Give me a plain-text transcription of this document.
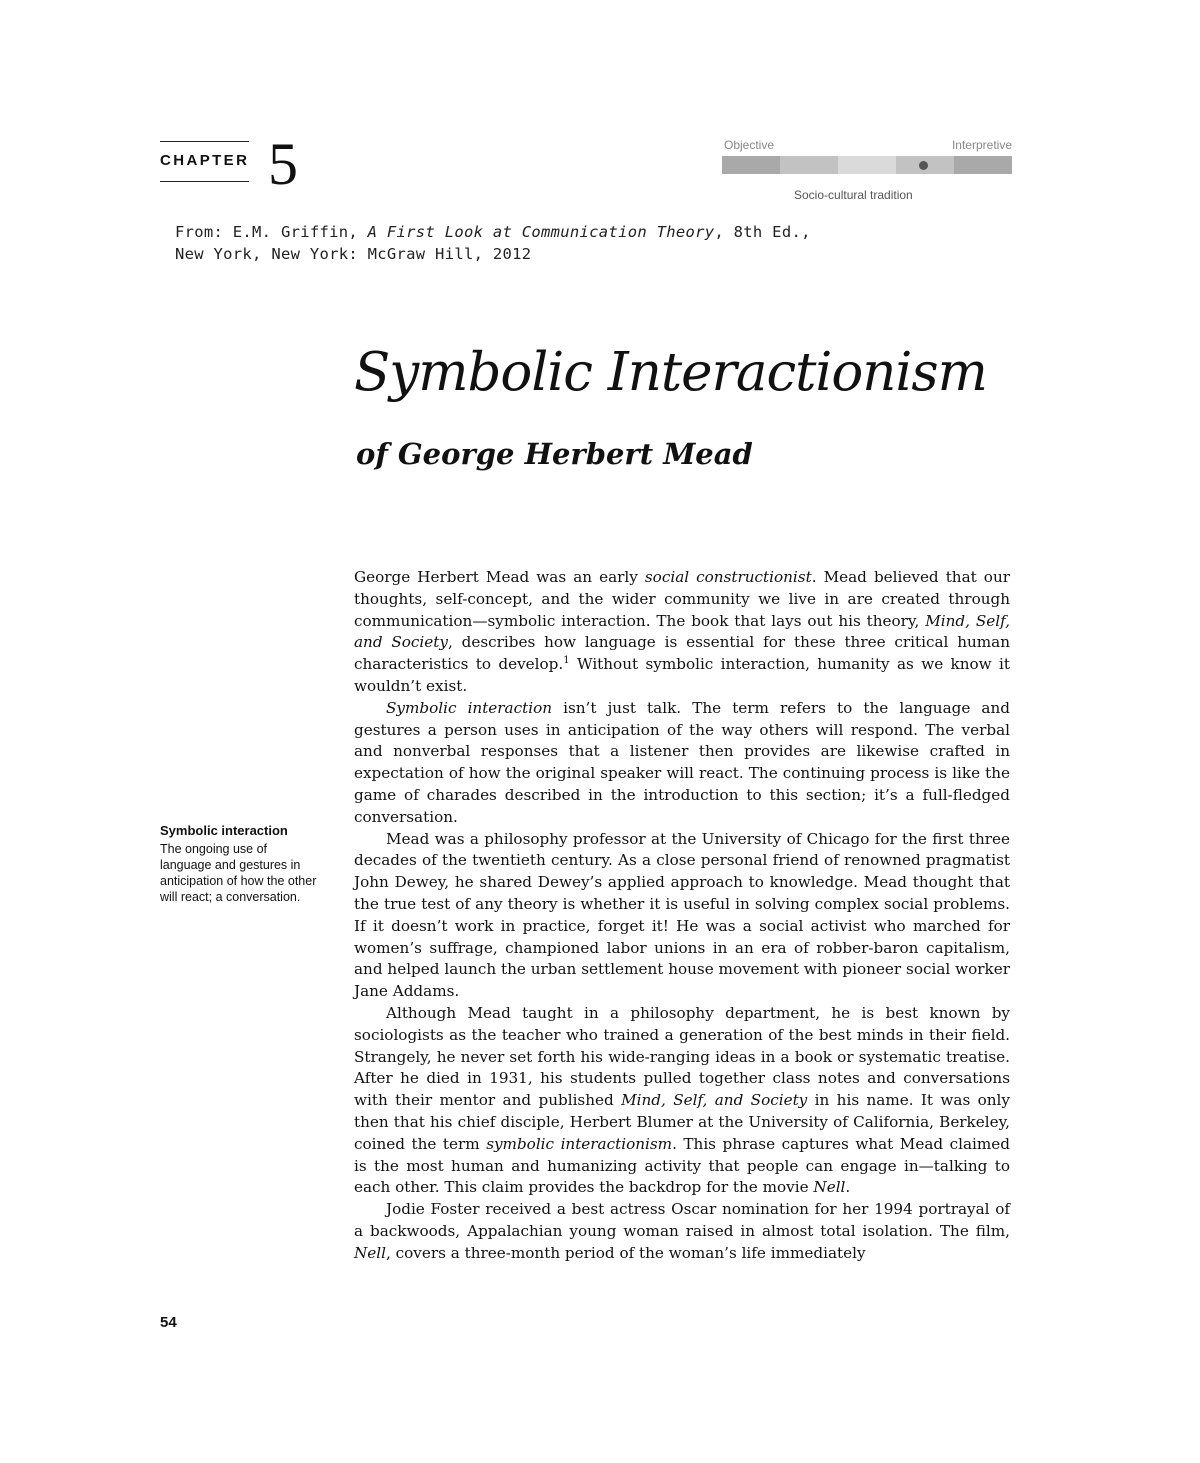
CHAPTER 5
From: E.M. Griffin, A First Look at Communication Theory, 8th Ed.,
New York, New York: McGraw Hill, 2012
Objective	Interpretive
Socio-cultural tradition
Symbolic Interactionism
of George Herbert Mead
Symbolic interaction
The ongoing use of language and gestures in anticipation of how the other will react; a conversation.

George Herbert Mead was an early social constructionist. Mead believed that our thoughts, self-concept, and the wider community we live in are created through communication—symbolic interaction. The book that lays out his theory, Mind, Self, and Society, describes how language is essential for these three critical human characteristics to develop.$^1$ Without symbolic interaction, humanity as we know it wouldn’t exist.

Symbolic interaction isn’t just talk. The term refers to the language and gestures a person uses in anticipation of the way others will respond. The verbal and nonverbal responses that a listener then provides are likewise crafted in expectation of how the original speaker will react. The continuing process is like the game of charades described in the introduction to this section; it’s a full-fledged conversation.

Mead was a philosophy professor at the University of Chicago for the first three decades of the twentieth century. As a close personal friend of renowned pragmatist John Dewey, he shared Dewey’s applied approach to knowledge. Mead thought that the true test of any theory is whether it is useful in solving complex social problems. If it doesn’t work in practice, forget it! He was a social activist who marched for women’s suffrage, championed labor unions in an era of robber-baron capitalism, and helped launch the urban settlement house movement with pioneer social worker Jane Addams.

Although Mead taught in a philosophy department, he is best known by sociologists as the teacher who trained a generation of the best minds in their field. Strangely, he never set forth his wide-ranging ideas in a book or systematic treatise. After he died in 1931, his students pulled together class notes and conversations with their mentor and published Mind, Self, and Society in his name. It was only then that his chief disciple, Herbert Blumer at the University of California, Berkeley, coined the term symbolic interactionism. This phrase captures what Mead claimed is the most human and humanizing activity that people can engage in—talking to each other. This claim provides the backdrop for the movie Nell.

Jodie Foster received a best actress Oscar nomination for her 1994 portrayal of a backwoods, Appalachian young woman raised in almost total isolation. The film, Nell, covers a three-month period of the woman’s life immediately

54
